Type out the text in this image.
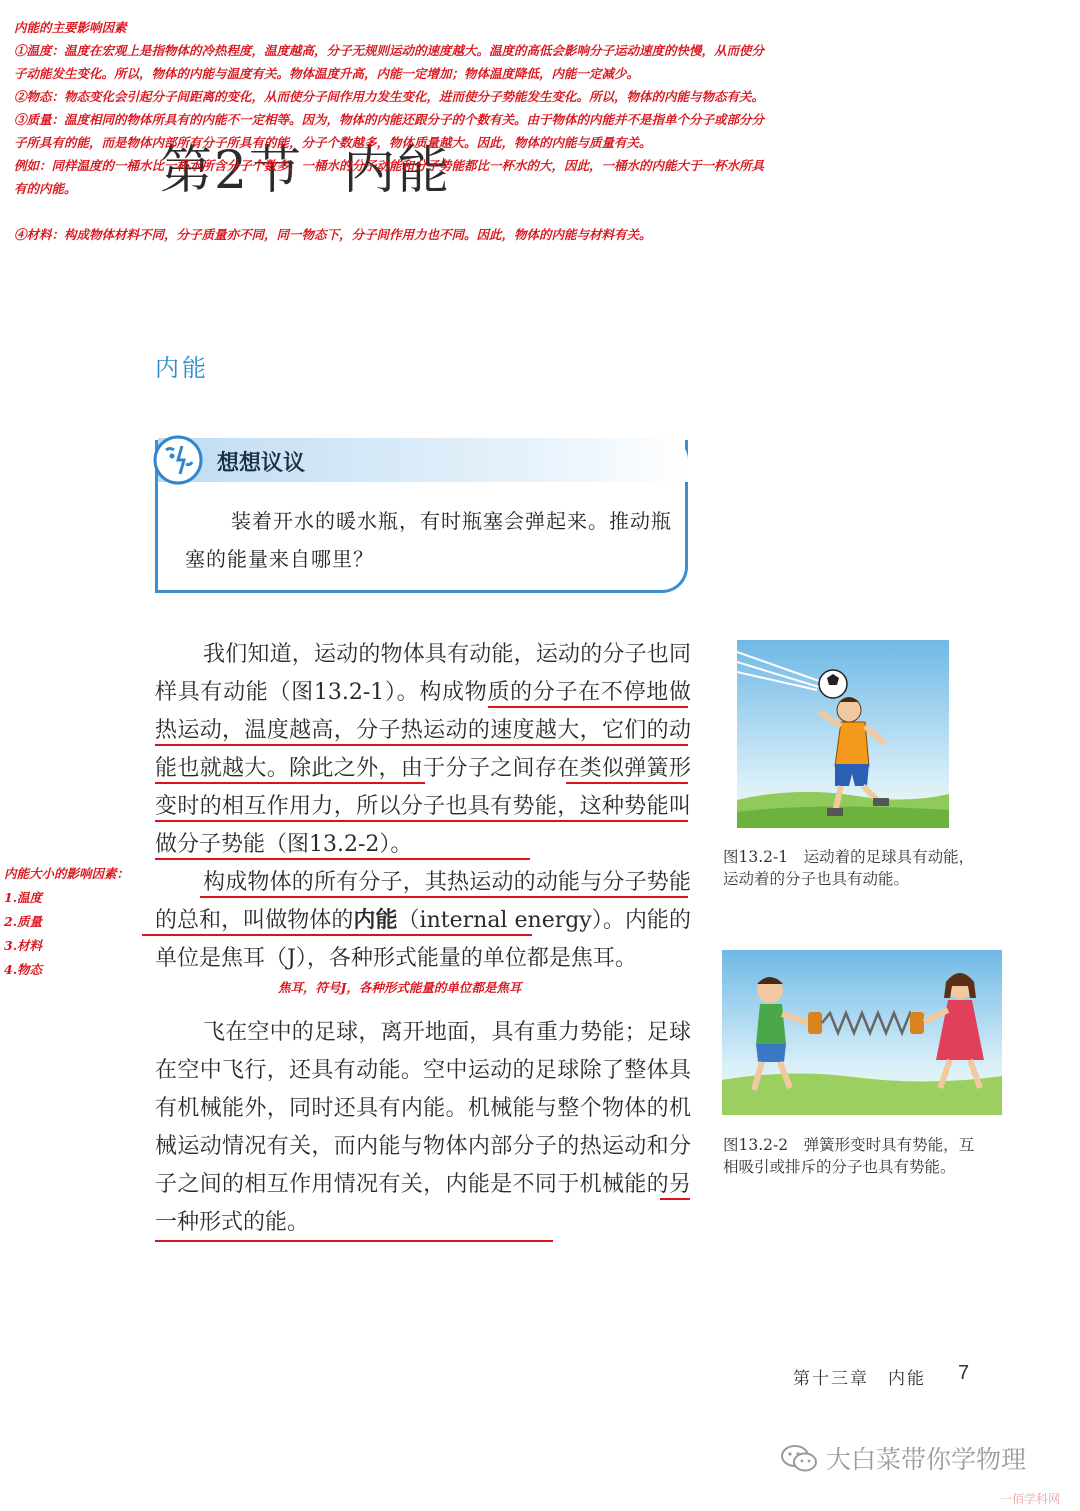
第2节 内能
内能的主要影响因素
①温度：温度在宏观上是指物体的冷热程度，温度越高，分子无规则运动的速度越大。温度的高低会影响分子运动速度的快慢，从而使分
子动能发生变化。所以，物体的内能与温度有关。物体温度升高，内能一定增加；物体温度降低，内能一定减少。
②物态：物态变化会引起分子间距离的变化，从而使分子间作用力发生变化，进而使分子势能发生变化。所以，物体的内能与物态有关。
③质量：温度相同的物体所具有的内能不一定相等。因为，物体的内能还跟分子的个数有关。由于物体的内能并不是指单个分子或部分分
子所具有的能，而是物体内部所有分子所具有的能，分子个数越多，物体质量越大。因此，物体的内能与质量有关。
例如：同样温度的一桶水比一杯水所含分子个数多，一桶水的分子动能和分子势能都比一杯水的大，因此，一桶水的内能大于一杯水所具
有的内能。
④材料：构成物体材料不同，分子质量亦不同，同一物态下，分子间作用力也不同。因此，物体的内能与材料有关。
内能
想想议议
装着开水的暖水瓶，有时瓶塞会弹起来。推动瓶塞的能量来自哪里？
我们知道，运动的物体具有动能，运动的分子也同样具有动能（图13.2-1）。构成物质的分子在不停地做热运动，温度越高，分子热运动的速度越大，它们的动能也就越大。除此之外，由于分子之间存在类似弹簧形变时的相互作用力，所以分子也具有势能，这种势能叫做分子势能（图13.2-2）。
构成物体的所有分子，其热运动的动能与分子势能的总和，叫做物体的内能（internal energy）。内能的单位是焦耳（J），各种形式能量的单位都是焦耳。
飞在空中的足球，离开地面，具有重力势能；足球在空中飞行，还具有动能。空中运动的足球除了整体具有机械能外，同时还具有内能。机械能与整个物体的机械运动情况有关，而内能与物体内部分子的热运动和分子之间的相互作用情况有关，内能是不同于机械能的另一种形式的能。
内能大小的影响因素：
1.温度
2.质量
3.材料
4.物态
焦耳，符号J，各种形式能量的单位都是焦耳
图13.2-1　运动着的足球具有动能，运动着的分子也具有动能。
图13.2-2　弹簧形变时具有势能，互相吸引或排斥的分子也具有势能。
第十三章　内能 7
大白菜带你学物理
一佰学科网
